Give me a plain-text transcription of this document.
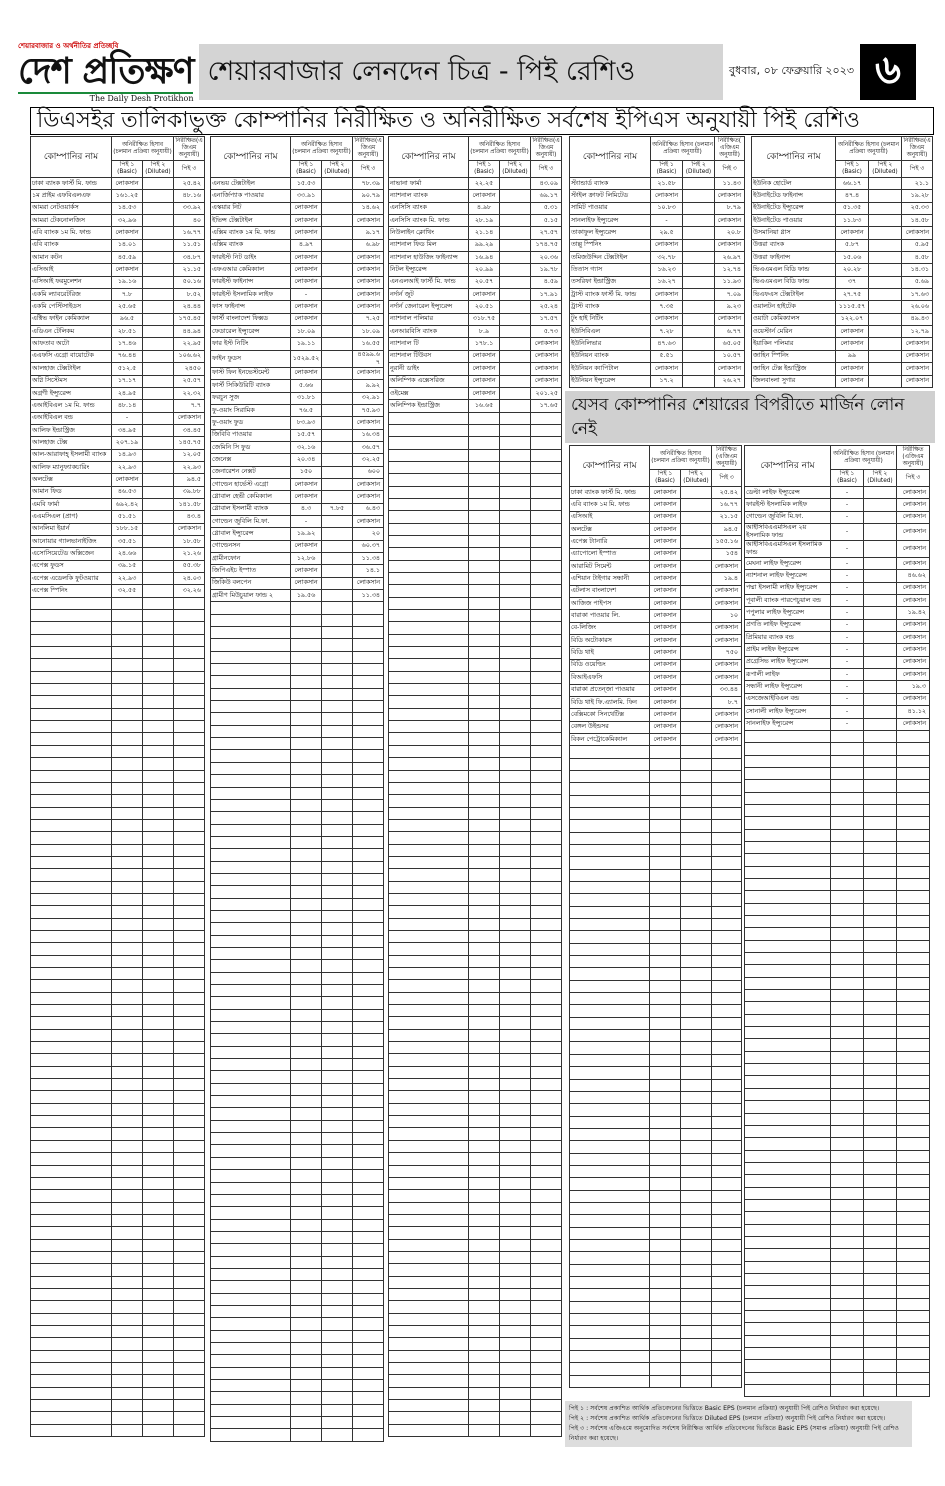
শেয়ারবাজার ও অর্থনীতির প্রতিচ্ছবি
দেশ প্রতিক্ষণ
The Daily Desh Protikhon
শেয়ারবাজার লেনদেন চিত্র - পিই রেশিও	বুধবার, ০৮ ফেব্রুয়ারি ২০২৩ ৬
ডিএসইর তালিকাভুক্ত কোম্পানির নিরীক্ষিত ও অনিরীক্ষিত সর্বশেষ ইপিএস অনুযায়ী পিই রেশিও
কোম্পানির নাম	অনিরীক্ষিত হিসাব (চলমান প্রক্রিয়া অনুযায়ী)		নিরীক্ষিত(এজিএম অনুযায়ী)
	পিই ১ (Basic)	পিই ২ (Diluted)	পিই ৩
ঢাকা ব্যাংক ফার্স্ট মি. ফান্ড	লোকসান		২৫.৪২
১ম প্রাইম এফবিএলএফ	১৬১.২৫		৪৮.১৬
আমরা নেটওয়ার্কস	১৪.৫৩		৩৩.৯২
আমরা টেকনোলজিস	৩২.৯৬		৪০
এবি ব্যাংক ১ম মি. ফান্ড	লোকসান		১৬.৭৭
এবি ব্যাংক	১৪.০১		১১.৫১
আমান কটন	৪৫.৫৯		৩৪.৮৭
এসিআই	লোকসান		২১.১৫
এসিআই ফরমুলেশন	১৯.১৬		৫০.১৬
একমি ল্যাবরেটরিজ	৭.৮		৮.৫২
একমি পেস্টিসাইডস	২৫.৬৫		২৪.৪৪
এক্টিভ ফাইন কেমিক্যাল	৯৬.৫		১৭৫.৪৫
এডিএন টেলিকম	২৮.৫১		৪৪.৯৪
আফতাব অটো	১৭.৪৬		২২.৯৫
এএফসি এগ্রো বায়োটেক	৭৬.৪৪		১০৬.৬২
আলহাজ টেক্সটাইল	৫১২.৫		২৪৫০
অগ্নি সিস্টেমস	১৭.১৭		২৫.৫৭
অগ্রণী ইন্স্যুরেন্স	২৪.৯৫		২২.৩২
এআইবিএল ১ম মি. ফান্ড	৪৮.১৪		৭.৭
এআইবিএল বন্ড	-		লোকসান
আলিফ ইন্ডাস্ট্রিজ	৩৪.৯৫		৩৪.৪৫
আলহাজ টেক্স	২০৭.১৯		১৪৫.৭৫
আল-আরাফাহ্ ইসলামী ব্যাংক	১৪.৯৩		১২.০৫
আলিফ ম্যানুফ্যাকচারিং	২২.৯৩		২২.৯৩
অলটেক্স	লোকসান		৯৪.৫
আমান ফিড	৪৬.৫৩		৩৯.৮৮
এমবি ফার্মা	৬৯২.৪২		১৪১.৫৮
এএমসিএল (প্রাণ)	৫১.৫১		৪৩.৪
আনলিমা ইয়ার্ন	১৮৮.১৫		লোকসান
আনোয়ার গ্যালভানাইজিং	৩৫.৫১		১৮.৫৮
এসোসিয়েটেড অক্সিজেন	২৪.৬৬		২১.২৬
এপেক্স ফুডস	৩৯.১৫		৫৫.৩৮
এপেক্স এডেলকি ফুটওয়্যার	২২.৯৩		২৪.০৩
এপেক্স স্পিনিং	৩২.৫৫		৩২.২৬

কোম্পানির নাম	অনিরীক্ষিত হিসাব (চলমান প্রক্রিয়া অনুযায়ী)		নিরীক্ষিত(এজিএম অনুযায়ী)
	পিই ১ (Basic)	পিই ২ (Diluted)	পিই ৩
এনভয় টেক্সটাইল	১৫.৫৩		৭৮.৩৯
এনার্জিপ্যাক পাওয়ার	৩৩.৯১		৯০.৭৯
এস্কয়ার নিট	লোকসান		১৪.৬২
ইভিন্স টেক্সটাইল	লোকসান		লোকসান
এক্সিম ব্যাংক ১ম মি. ফান্ড	লোকসান		৯.১৭
এক্সিম ব্যাংক	৪.৯৭		৬.৯৮
ফারইস্ট নিট ডাইং	লোকসান		লোকসান
এফএআর কেমিক্যাল	লোকসান		লোকসান
ফারইস্ট ফাইনান্স	লোকসান		লোকসান
ফারইস্ট ইসলামিক লাইফ	-		লোকসান
ফাস ফাইনান্স	লোকসান		লোকসান
ফার্স্ট বাংলাদেশ ফিক্সড	লোকসান		৭.২৫
ফেডারেল ইন্স্যুরেন্স	১৮.০৯		১৮.০৯
ফার ইস্ট নিটিং	১৯.১১		১৬.৫৫
ফাইন ফুডস	১৫২৯.৫২		৪৫৯৯.৬৭
ফাস্ট ফিন ইনভেস্টমেন্ট	লোকসান		লোকসান
ফার্স্ট সিকিউরিটি ব্যাংক	৫.৬৬		৯.৯২
ফরচুন সুজ	৩১.৮১		৩২.৯১
ফু-ওয়াং সিরামিক	৭৬.৫		৭৫.৯৩
ফু-ওয়াং ফুড	৮৩.৯৩		লোকসান
জিবিবি পাওয়ার	১৫.৫৭		১৬.৩৪
জেমিনি সি ফুড	৩২.১৬		৩৬.৫৭
জেনেক্স	২০.৩৪		৩২.২৫
জেনারেশন নেক্সট	১৫০		৬০০
গোল্ডেন হার্ভেস্ট এগ্রো	লোকসান		লোকসান
গ্লোবাল হেভী কেমিক্যাল	লোকসান		লোকসান
গ্লোবাল ইসলামী ব্যাংক	৪.৩	৭.৮৫	৬.৪৩
গোল্ডেন জুবিলি মি.ফা.	-		লোকসান
গ্লোবাল ইন্স্যুরেন্স	১৯.৯২		২০
গোল্ডেনসন	লোকসান		৬০.৩৭
গ্রামীনফোন	১২.৮৬		১১.৩৪
জিপিএইচ ইস্পাত	লোকসান		১৪.১
জিকিউ বলপেন	লোকসান		লোকসান
গ্রামীণ মিউচুয়াল ফান্ড ২	১৯.৫৬		১১.৩৪

কোম্পানির নাম	অনিরীক্ষিত হিসাব (চলমান প্রক্রিয়া অনুযায়ী)		নিরীক্ষিত(এজিএম অনুযায়ী)
	পিই ১ (Basic)	পিই ২ (Diluted)	পিই ৩
নাভানা ফার্মা	২২.২৫		৪৩.০৯
ন্যাশনাল ব্যাংক	লোকসান		৬৯.১৭
এনসিসি ব্যাংক	৪.৯৮		৫.৩১
এনসিসি ব্যাংক মি. ফান্ড	২৮.১৯		৫.১৫
নিউলাইন ক্লোথিং	২১.১৪		২৭.৫৭
ন্যাশনাল ফিড মিল	৯৯.২৯		১৭৪.৭৫
ন্যাশনাল হাউজিং ফাইন্যান্স	১৬.৯৪		২০.৩৬
নিটল ইন্স্যুরেন্স	২০.৯৯		১৯.৭৮
এনএলআই ফার্স্ট মি. ফান্ড	২০.৫৭		৪.৫৯
নর্দার্ন জুট	লোকসান		১৭.৯১
নর্দার্ন জেনারেল ইন্স্যুরেন্স	২০.৫১		২৫.২৪
ন্যাশনাল পলিমার	৩১৮.৭৫		১৭.৫৭
এনআরবিসি ব্যাংক	৮.৯		৫.৭৩
ন্যাশনাল টি	১৭৮.১		লোকসান
ন্যাশনাল টিউবস	লোকসান		লোকসান
নুরানী ডাইং	লোকসান		লোকসান
অলিম্পিক এক্সেসরিজ	লোকসান		লোকসান
ওইমেক্স	লোকসান		২০১.২৫
অলিম্পিক ইন্ডাস্ট্রিজ	১৬.৬৫		১৭.৬৫

কোম্পানির নাম	অনিরীক্ষিত হিসাব (চলমান প্রক্রিয়া অনুযায়ী)		নিরীক্ষিত(এজিএম অনুযায়ী)
	পিই ১ (Basic)	পিই ২ (Diluted)	পিই ৩
স্ট্যান্ডার্ড ব্যাংক	২১.৫৮		১১.৪৩
স্টাইল ক্রাফট লিমিটেড	লোকসান		লোকসান
সামিট পাওয়ার	১০.৮৩		৮.৭৯
সানলাইফ ইন্স্যুরেন্স	-		লোকসান
তাকাফুল ইন্স্যুরেন্স	২৯.৫		২০.৮
তাল্লু স্পিনিং	লোকসান		লোকসান
তমিজউদ্দিন টেক্সটাইল	৩২.৭৮		২৬.৯৭
তিতাস গ্যাস	১৬.২৩		১২.৭৪
তসরিফা ইন্ডাস্ট্রিজ	১৬.২৭		১১.৯৩
ট্রাস্ট ব্যাংক ফার্স্ট মি. ফান্ড	লোকসান		৭.০৯
ট্রাস্ট ব্যাংক	৭.৩৫		৯.২৩
টুং হাই নিটিং	লোকসান		লোকসান
ইউসিবিএল	৭.২৮		৬.৭৭
ইউনিলিভার	৪৭.৬৩		৬৫.০৫
ইউনিয়ন ব্যাংক	৫.৫১		১০.৫৭
ইউনিয়ন ক্যাপিটাল	লোকসান		লোকসান
ইউনিয়ন ইন্স্যুরেন্স	১৭.২		২৬.২৭
কোম্পানির নাম	অনিরীক্ষিত হিসাব (চলমান প্রক্রিয়া অনুযায়ী)		নিরীক্ষিত(এজিএম অনুযায়ী)
	পিই ১ (Basic)	পিই ২ (Diluted)	পিই ৩
ইউনিক হোটেল	৬৬.১৭		২১.১
ইউনাইটেড ফাইনান্স	৪৭.৪		১৯.২৮
ইউনাইটেড ইন্স্যুরেন্স	৫১.৩৫		২৫.৩৩
ইউনাইটেড পাওয়ার	১১.৮৩		১৪.৫৮
উসমানিয়া গ্লাস	লোকসান		লোকসান
উত্তরা ব্যাংক	৫.৮৭		৫.৯৫
উত্তরা ফাইনান্স	১৫.০৬		৪.৫৮
ভিএএমএল বিডি ফান্ড	২০.২৮		১৪.৩১
ভিএএমএল বিডি ফান্ড	৩৭		৫.৬৯
ভিএফএস টেক্সটাইল	২৭.৭৫		১৭.৬৩
ওয়ালটন হাইটেক	১১১৫.৫৭		২৬.০৬
ওয়াটা কেমিক্যালস	১২২.০৭		৪৯.৪৩
ওয়েস্টার্ন মেরিন	লোকসান		১২.৭৯
ইয়াকিন পলিমার	লোকসান		লোকসান
জাহিন স্পিনিং	৯৯		লোকসান
জাহিন টেক্স ইন্ডাস্ট্রিজ	লোকসান		লোকসান
জিলবাংলা সুগার	লোকসান		লোকসান
কোম্পানির নাম	অনিরীক্ষিত হিসাব (চলমান প্রক্রিয়া অনুযায়ী)		নিরীক্ষিত (এজিএম অনুযায়ী)
	পিই ১ (Basic)	পিই ২ (Diluted)	পিই ৩
ঢাকা ব্যাংক ফার্স্ট মি. ফান্ড	লোকসান		২৫.৪২
এবি ব্যাংক ১ম মি. ফান্ড	লোকসান		১৬.৭৭
এসিআই	লোকসান		২১.১৫
অলটেক্স	লোকসান		৯৪.৫
এপেক্স ট্যানারি	লোকসান		১৫৫.১৬
এ্যাপোলো ইস্পাত	লোকসান		১৫৪
আরামিট সিমেন্ট	লোকসান		লোকসান
এশিয়ান টাইগার সন্ধানী	লোকসান		১৯.৪
এটলাস বাংলাদেশ	লোকসান		লোকসান
আজিজ পাইপস	লোকসান		লোকসান
বারাকা পাওয়ার লি.	লোকসান		১০
বে-লিজিং	লোকসান		লোকসান
বিডি অটোকারস	লোকসান		লোকসান
বিডি থাই	লোকসান		৭৫০
বিডি ওয়েল্ডিং	লোকসান		লোকসান
বিআইএফসি	লোকসান		লোকসান
বারাকা প্রতেন্জা পাওয়ার	লোকসান		৩৩.৪৪
বিডি থাই ফি.এ্যালমি. ফিন	লোকসান		৮.৭
বেক্সিমকো সিনথেটিক্স	লোকসান		লোকসান
বেঙ্গল উইন্ডসর	লোকসান		লোকসান
বিকন পেট্রোকেমিক্যাল	লোকসান		লোকসান

কোম্পানির নাম	অনিরীক্ষিত হিসাব (চলমান প্রক্রিয়া অনুযায়ী)		নিরীক্ষিত (এজিএম অনুযায়ী)
	পিই ১ (Basic)	পিই ২ (Diluted)	পিই ৩
ডেল্টা লাইফ ইন্স্যুরেন্স	-		লোকসান
ফারইস্ট ইসলামিক লাইফ	-		লোকসান
গোল্ডেন জুবিলি মি.ফা.	-		লোকসান
আইসিবিএএমসিএল ২য় ইসলামিক ফান্ড	-		লোকসান
আইসিবিএএমসিএল ইসলামিক ফান্ড	-		লোকসান
মেঘনা লাইফ ইন্স্যুরেন্স	-		লোকসান
ন্যাশনাল লাইফ ইন্স্যুরেন্স	-		৪৬.৬২
পদ্মা ইসলামী লাইফ ইন্স্যুরেন্স	-		লোকসান
পূবালী ব্যাংক পারপেচুয়াল বন্ড	-		লোকসান
পপুলার লাইফ ইন্স্যুরেন্স	-		১৯.৪২
প্রগতি লাইফ ইন্স্যুরেন্স	-		লোকসান
প্রিমিয়ার ব্যাংক বন্ড	-		লোকসান
প্রাইম লাইফ ইন্স্যুরেন্স	-		লোকসান
প্রগ্রেসিভ লাইফ ইন্স্যুরেন্স	-		লোকসান
রূপালী লাইফ	-		লোকসান
সন্ধানী লাইফ ইন্স্যুরেন্স	-		১৯.৩
এসজেআইবিএল বন্ড	-		লোকসান
সোনালী লাইফ ইন্স্যুরেন্স	-		৪১.১২
সানলাইফ ইন্স্যুরেন্স	-		লোকসান

যেসব কোম্পানির শেয়ারের বিপরীতে মার্জিন লোন নেই
পিই ১ : সর্বশেষ প্রকাশিত আর্থিক প্রতিবেদনের ভিত্তিতে Basic EPS (চলমান প্রক্রিয়া) অনুযায়ী পিই রেশিও নির্ধারণ করা হয়েছে।
পিই ২ : সর্বশেষ প্রকাশিত আর্থিক প্রতিবেদনের ভিত্তিতে Diluted EPS (চলমান প্রক্রিয়া) অনুযায়ী পিই রেশিও নির্ধারণ করা হয়েছে।
পিই ৩ : সর্বশেষ এজিএমে অনুমোদিত সর্বশেষ নিরীক্ষিত আর্থিক প্রতিবেদনের ভিত্তিতে Basic EPS (সমাপ্ত প্রক্রিয়া) অনুযায়ী পিই রেশিও নির্ধারণ করা হয়েছে।
